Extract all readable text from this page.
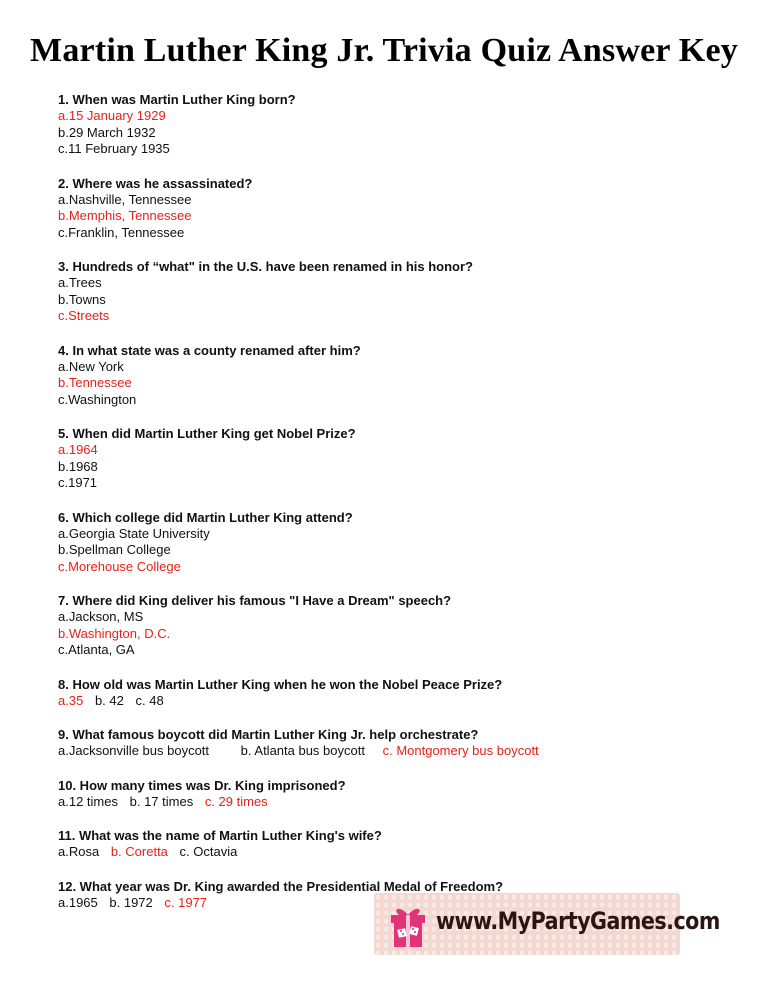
Martin Luther King Jr. Trivia Quiz Answer Key
1. When was Martin Luther King born?
a.15 January 1929
b.29 March 1932
c.11 February 1935
2. Where was he assassinated?
a.Nashville, Tennessee
b.Memphis, Tennessee
c.Franklin, Tennessee
3. Hundreds of “what" in the U.S. have been renamed in his honor?
a.Trees
b.Towns
c.Streets
4. In what state was a county renamed after him?
a.New York
b.Tennessee
c.Washington
5. When did Martin Luther King get Nobel Prize?
a.1964
b.1968
c.1971
6. Which college did Martin Luther King attend?
a.Georgia State University
b.Spellman College
c.Morehouse College
7. Where did King deliver his famous "I Have a Dream" speech?
a.Jackson, MS
b.Washington, D.C.
c.Atlanta, GA
8. How old was Martin Luther King when he won the Nobel Peace Prize?
a.35 b. 42 c. 48
9. What famous boycott did Martin Luther King Jr. help orchestrate?
a.Jacksonville bus boycott b. Atlanta bus boycott c. Montgomery bus boycott
10. How many times was Dr. King imprisoned?
a.12 times b. 17 times c. 29 times
11. What was the name of Martin Luther King's wife?
a.Rosa b. Coretta c. Octavia
12. What year was Dr. King awarded the Presidential Medal of Freedom?
a.1965 b. 1972 c. 1977
www.MyPartyGames.com
